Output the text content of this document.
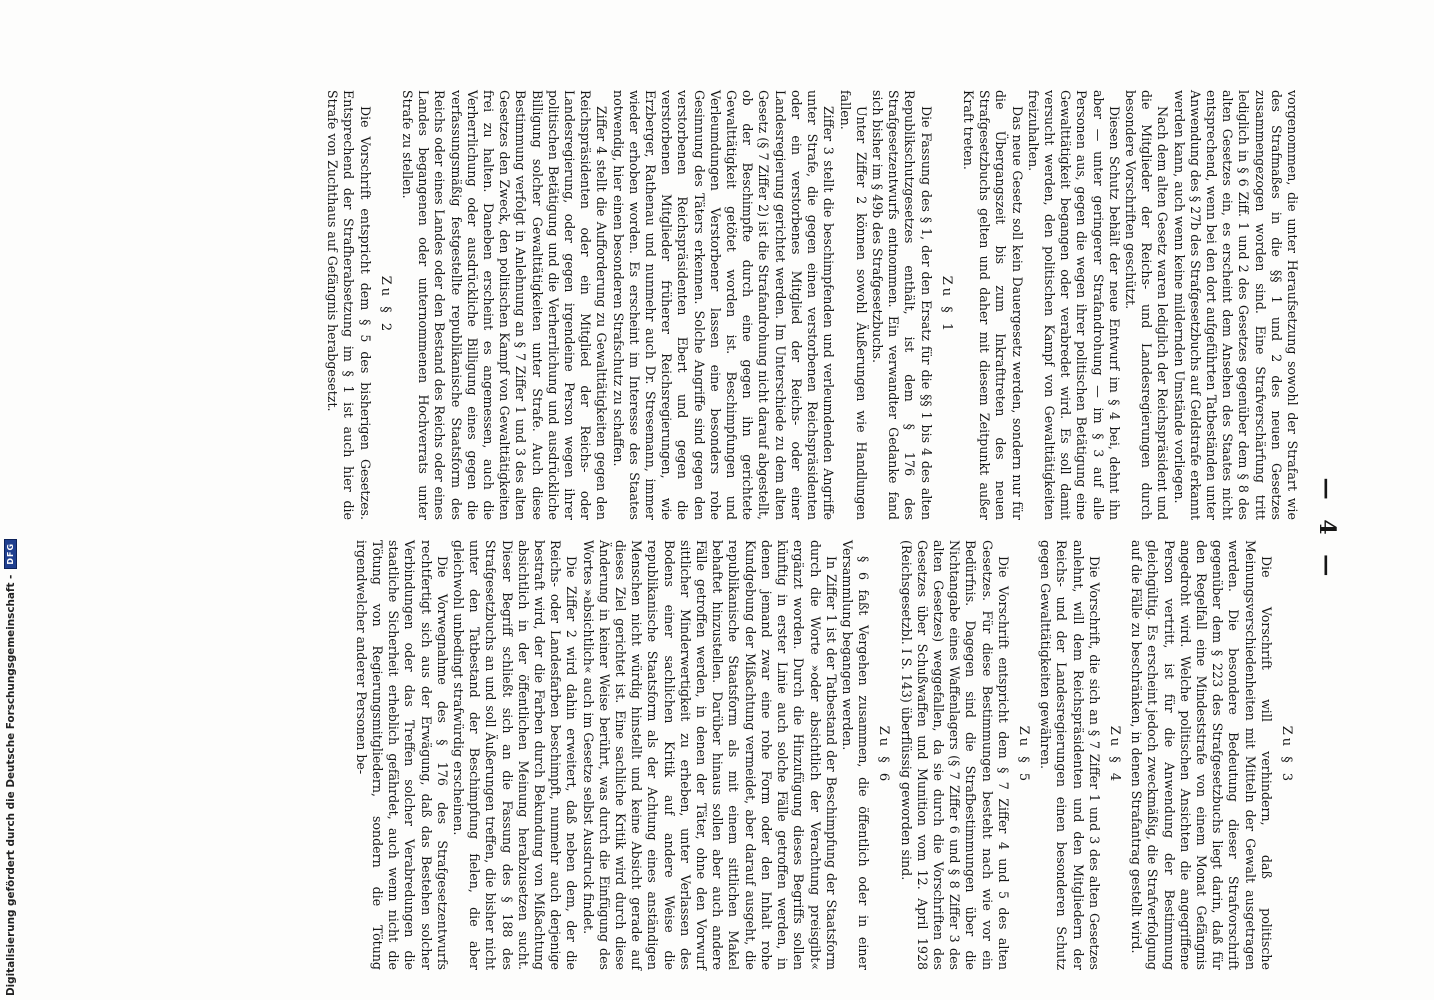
— 4 —

vorgenommen, die unter Heraufsetzung sowohl der Strafart wie des Strafmaßes in die §§ 1 und 2 des neuen Gesetzes zusammengezogen worden sind. Eine Strafverschärfung tritt lediglich in § 6 Ziff. 1 und 2 des Gesetzes gegenüber dem § 8 des alten Gesetzes ein, es erscheint dem Ansehen des Staates nicht entsprechend, wenn bei den dort aufgeführten Tatbeständen unter Anwendung des § 27b des Strafgesetzbuchs auf Geldstrafe erkannt werden kann, auch wenn keine mildernden Umstände vorliegen.

Nach dem alten Gesetz waren lediglich der Reichspräsident und die Mitglieder der Reichs- und Landesregierungen durch besondere Vorschriften geschützt.

Diesen Schutz behält der neue Entwurf im § 4 bei, dehnt ihn aber — unter geringerer Strafandrohung — im § 3 auf alle Personen aus, gegen die wegen ihrer politischen Betätigung eine Gewalttätigkeit begangen oder verabredet wird. Es soll damit versucht werden, den politischen Kampf von Gewalttätigkeiten freizuhalten.

Das neue Gesetz soll kein Dauergesetz werden, sondern nur für die Übergangszeit bis zum Inkrafttreten des neuen Strafgesetzbuchs gelten und daher mit diesem Zeitpunkt außer Kraft treten.

Zu § 1

Die Fassung des § 1, der den Ersatz für die §§ 1 bis 4 des alten Republikschutzgesetzes enthält, ist dem § 176 des Strafgesetzentwurfs entnommen. Ein verwandter Gedanke fand sich bisher im § 49b des Strafgesetzbuchs.

Unter Ziffer 2 können sowohl Äußerungen wie Handlungen fallen.

Ziffer 3 stellt die beschimpfenden und verleumdenden Angriffe unter Strafe, die gegen einen verstorbenen Reichspräsidenten oder ein verstorbenes Mitglied der Reichs- oder einer Landesregierung gerichtet werden. Im Unterschiede zu dem alten Gesetz (§ 7 Ziffer 2) ist die Strafandrohung nicht darauf abgestellt, ob der Beschimpfte durch eine gegen ihn gerichtete Gewalttätigkeit getötet worden ist. Beschimpfungen und Verleumdungen Verstorbener lassen eine besonders rohe Gesinnung des Täters erkennen. Solche Angriffe sind gegen den verstorbenen Reichspräsidenten Ebert und gegen die verstorbenen Mitglieder früherer Reichsregierungen, wie Erzberger, Rathenau und nunmehr auch Dr. Stresemann, immer wieder erhoben worden. Es erscheint im Interesse des Staates notwendig, hier einen besonderen Strafschutz zu schaffen.

Ziffer 4 stellt die Aufforderung zu Gewalttätigkeiten gegen den Reichspräsidenten oder ein Mitglied der Reichs- oder Landesregierung, oder gegen irgendeine Person wegen ihrer politischen Betätigung und die Verherrlichung und ausdrückliche Billigung solcher Gewalttätigkeiten unter Strafe. Auch diese Bestimmung verfolgt in Anlehnung an § 7 Ziffer 1 und 3 des alten Gesetzes den Zweck, den politischen Kampf von Gewalttätigkeiten frei zu halten. Daneben erscheint es angemessen, auch die Verherrlichung oder ausdrückliche Billigung eines gegen die verfassungsmäßig festgestellte republikanische Staatsform des Reichs oder eines Landes oder den Bestand des Reichs oder eines Landes begangenen oder unternommenen Hochverrats unter Strafe zu stellen.

Zu § 2

Die Vorschrift entspricht dem § 5 des bisherigen Gesetzes. Entsprechend der Strafherabsetzung im § 1 ist auch hier die Strafe von Zuchthaus auf Gefängnis herabgesetzt.

Zu § 3

Die Vorschrift will verhindern, daß politische Meinungsverschiedenheiten mit Mitteln der Gewalt ausgetragen werden. Die besondere Bedeutung dieser Strafvorschrift gegenüber dem § 223 des Strafgesetzbuchs liegt darin, daß für den Regelfall eine Mindeststrafe von einem Monat Gefängnis angedroht wird. Welche politischen Ansichten die angegriffene Person vertritt, ist für die Anwendung der Bestimmung gleichgültig. Es erscheint jedoch zweckmäßig, die Strafverfolgung auf die Fälle zu beschränken, in denen Strafantrag gestellt wird.

Zu § 4

Die Vorschrift, die sich an § 7 Ziffer 1 und 3 des alten Gesetzes anlehnt, will dem Reichspräsidenten und den Mitgliedern der Reichs- und der Landesregierungen einen besonderen Schutz gegen Gewalttätigkeiten gewähren.

Zu § 5

Die Vorschrift entspricht dem § 7 Ziffer 4 und 5 des alten Gesetzes. Für diese Bestimmungen besteht nach wie vor ein Bedürfnis. Dagegen sind die Strafbestimmungen über die Nichtangabe eines Waffenlagers (§ 7 Ziffer 6 und § 8 Ziffer 3 des alten Gesetzes) weggefallen, da sie durch die Vorschriften des Gesetzes über Schußwaffen und Munition vom 12. April 1928 (Reichsgesetzbl. I S. 143) überflüssig geworden sind.

Zu § 6

§ 6 faßt Vergehen zusammen, die öffentlich oder in einer Versammlung begangen werden.

In Ziffer 1 ist der Tatbestand der Beschimpfung der Staatsform durch die Worte »oder absichtlich der Verachtung preisgibt« ergänzt worden. Durch die Hinzufügung dieses Begriffs sollen künftig in erster Linie auch solche Fälle getroffen werden, in denen jemand zwar eine rohe Form oder den Inhalt rohe Kundgebung der Mißachtung vermeidet, aber darauf ausgeht, die republikanische Staatsform als mit einem sittlichen Makel behaftet hinzustellen. Darüber hinaus sollen aber auch andere Fälle getroffen werden, in denen der Täter, ohne den Vorwurf sittlicher Minderwertigkeit zu erheben, unter Verlassen des Bodens einer sachlichen Kritik auf andere Weise die republikanische Staatsform als der Achtung eines anständigen Menschen nicht würdig hinstellt und keine Absicht gerade auf dieses Ziel gerichtet ist. Eine sachliche Kritik wird durch diese Änderung in keiner Weise berührt, was durch die Einfügung des Wortes »absichtlich« auch im Gesetze selbst Ausdruck findet.

Die Ziffer 2 wird dahin erweitert, daß neben dem, der die Reichs- oder Landesfarben beschimpft, nunmehr auch derjenige bestraft wird, der die Farben durch Bekundung von Mißachtung absichtlich in der öffentlichen Meinung herabzusetzen sucht. Dieser Begriff schließt sich an die Fassung des § 188 des Strafgesetzbuchs an und soll Äußerungen treffen, die bisher nicht unter den Tatbestand der Beschimpfung fielen, die aber gleichwohl unbedingt strafwürdig erscheinen.

Die Vorwegnahme des § 176 des Strafgesetzentwurfs rechtfertigt sich aus der Erwägung, daß das Bestehen solcher Verbindungen oder das Treffen solcher Verabredungen die staatliche Sicherheit erheblich gefährdet, auch wenn nicht die Tötung von Regierungsmitgliedern, sondern die Tötung irgendwelcher anderer Personen be-

Digitalisierung gefördert durch die Deutsche Forschungsgemeinschaft -
DFG
